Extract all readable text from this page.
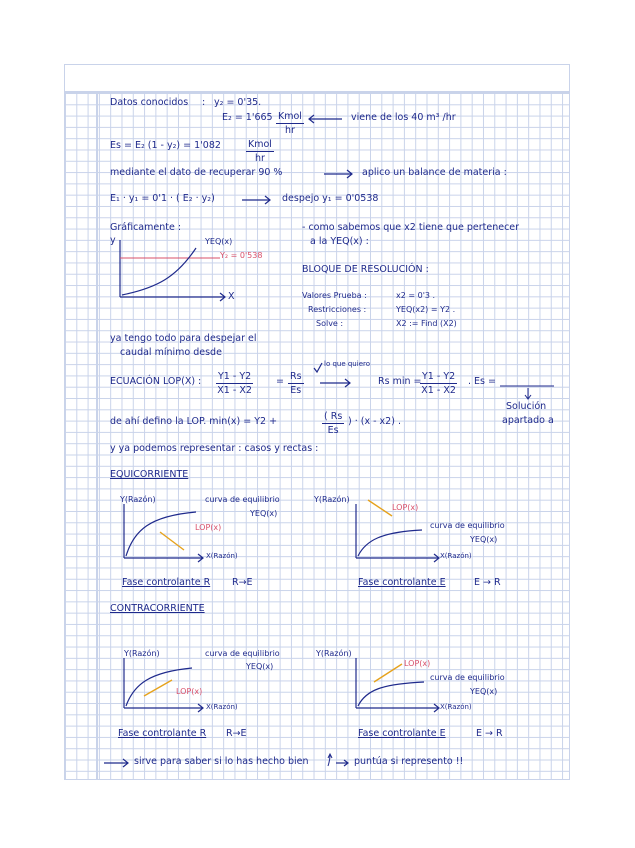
Datos conocidos : y₂ = 0'35.
E₂ = 1'665 Kmol
hr
viene de los 40 m³ /hr
Es = E₂ (1 - y₂) = 1'082	Kmol
hr
mediante el dato de recuperar 90 %	aplico un balance de materia :
E₁ · y₁ = 0'1 · ( E₂ · y₂)	despejo y₁ = 0'0538
Gráficamente :
y	YEQ(x)
Y₂ = 0'538
X
- como sabemos que x2 tiene que pertenecer
a la YEQ(x) :
BLOQUE DE RESOLUCIÓN :
Valores Prueba :	x2 = 0'3 .
Restricciones :	YEQ(x2) = Y2 .
Solve :	X2 := Find (X2)
ya tengo todo para despejar el
caudal mínimo desde
ECUACIÓN LOP(X) : $\frac{Y1 - Y2}{X1 - X2} = \frac{Rs}{Es}$
lo que quiero
Rs min =
$\frac{Y1 - Y2}{X1 - X2}$ . Es =
Solución
apartado a
de ahí defino la LOP. min(x) = Y2 +	$\frac{( Rs}{Es}$ ) · (x - x2) .
y ya podemos representar : casos y rectas :
EQUICORRIENTE
Y(Razón)	curva de equilibrio
YEQ(x)
LOP(x)
X(Razón)
Fase controlante R R→E
Y(Razón)
LOP(x)
curva de equilibrio
YEQ(x)
X(Razón)
Fase controlante E	E → R
CONTRACORRIENTE
Y(Razón)	curva de equilibrio
YEQ(x)
LOP(x)
X(Razón)
Fase controlante R R→E
Y(Razón)
LOP(x)
curva de equilibrio
YEQ(x)
X(Razón)
Fase controlante E	E → R
sirve para saber si lo has hecho bien	puntúa si represento !!
